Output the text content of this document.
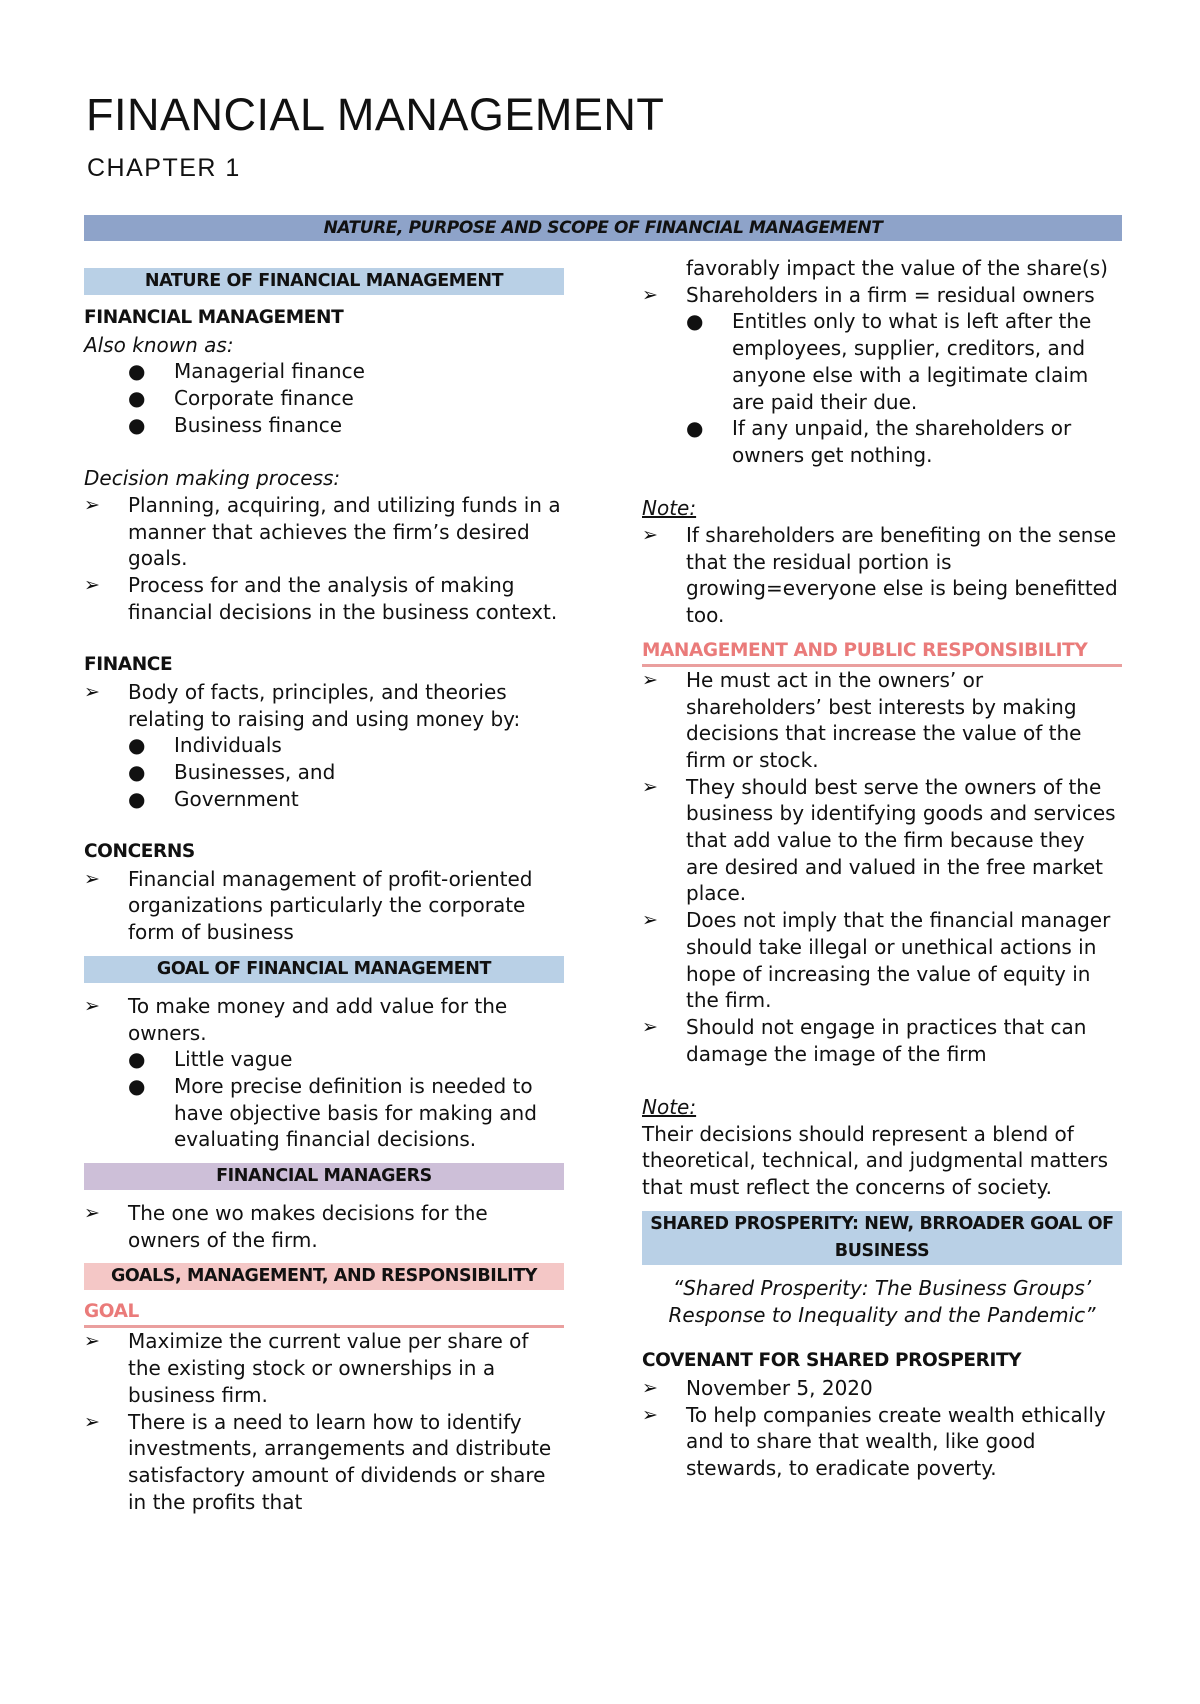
FINANCIAL MANAGEMENT
CHAPTER 1
NATURE, PURPOSE AND SCOPE OF FINANCIAL MANAGEMENT
NATURE OF FINANCIAL MANAGEMENT
FINANCIAL MANAGEMENT
Also known as:
● Managerial finance
● Corporate finance
● Business finance
Decision making process:
➢	Planning, acquiring, and utilizing funds in a manner that achieves the firm’s desired goals.
➢	Process for and the analysis of making financial decisions in the business context.
FINANCE
➢	Body of facts, principles, and theories relating to raising and using money by:
● Individuals
● Businesses, and
● Government
CONCERNS
➢	Financial management of profit-oriented organizations particularly the corporate form of business
GOAL OF FINANCIAL MANAGEMENT
➢	To make money and add value for the owners.
● Little vague
● More precise definition is needed to have objective basis for making and evaluating financial decisions.
FINANCIAL MANAGERS
➢	The one wo makes decisions for the owners of the firm.
GOALS, MANAGEMENT, AND RESPONSIBILITY
GOAL
➢	Maximize the current value per share of the existing stock or ownerships in a business firm.
➢	There is a need to learn how to identify investments, arrangements and distribute satisfactory amount of dividends or share in the profits that
favorably impact the value of the share(s)
➢	Shareholders in a firm = residual owners
● Entitles only to what is left after the employees, supplier, creditors, and anyone else with a legitimate claim are paid their due.
● If any unpaid, the shareholders or owners get nothing.
Note:
➢	If shareholders are benefiting on the sense that the residual portion is growing=everyone else is being benefitted too.
MANAGEMENT AND PUBLIC RESPONSIBILITY
➢	He must act in the owners’ or shareholders’ best interests by making decisions that increase the value of the firm or stock.
➢	They should best serve the owners of the business by identifying goods and services that add value to the firm because they are desired and valued in the free market place.
➢	Does not imply that the financial manager should take illegal or unethical actions in hope of increasing the value of equity in the firm.
➢	Should not engage in practices that can damage the image of the firm
Note:
Their decisions should represent a blend of theoretical, technical, and judgmental matters that must reflect the concerns of society.
SHARED PROSPERITY: NEW, BRROADER GOAL OF BUSINESS
“Shared Prosperity: The Business Groups’ Response to Inequality and the Pandemic”
COVENANT FOR SHARED PROSPERITY
➢	November 5, 2020
➢	To help companies create wealth ethically and to share that wealth, like good stewards, to eradicate poverty.
